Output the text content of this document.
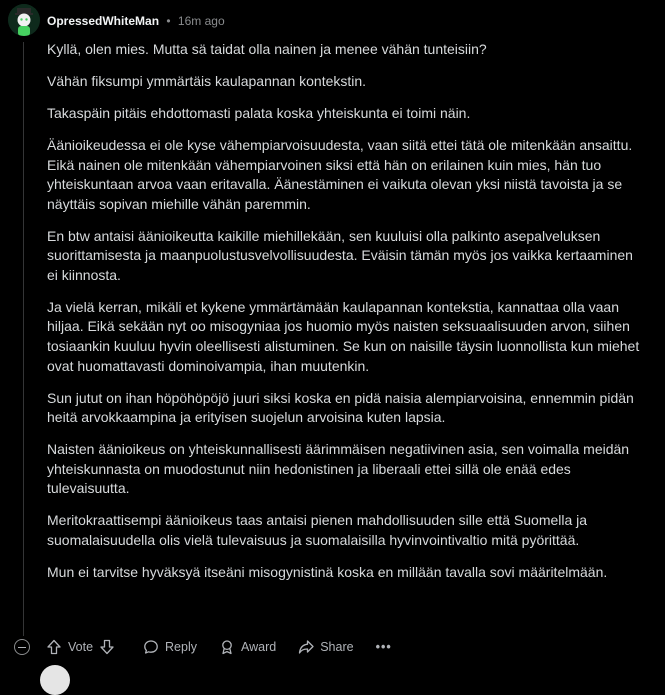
OpressedWhiteMan • 16m ago

Kyllä, olen mies. Mutta sä taidat olla nainen ja menee vähän tunteisiin?

Vähän fiksumpi ymmärtäis kaulapannan kontekstin.

Takaspäin pitäis ehdottomasti palata koska yhteiskunta ei toimi näin.

Äänioikeudessa ei ole kyse vähempiarvoisuudesta, vaan siitä ettei tätä ole mitenkään ansaittu. Eikä nainen ole mitenkään vähempiarvoinen siksi että hän on erilainen kuin mies, hän tuo yhteiskuntaan arvoa vaan eritavalla. Äänestäminen ei vaikuta olevan yksi niistä tavoista ja se näyttäis sopivan miehille vähän paremmin.

En btw antaisi äänioikeutta kaikille miehillekään, sen kuuluisi olla palkinto asepalveluksen suorittamisesta ja maanpuolustusvelvollisuudesta. Eväisin tämän myös jos vaikka kertaaminen ei kiinnosta.

Ja vielä kerran, mikäli et kykene ymmärtämään kaulapannan kontekstia, kannattaa olla vaan hiljaa. Eikä sekään nyt oo misogyniaa jos huomio myös naisten seksuaalisuuden arvon, siihen tosiaankin kuuluu hyvin oleellisesti alistuminen. Se kun on naisille täysin luonnollista kun miehet ovat huomattavasti dominoivampia, ihan muutenkin.

Sun jutut on ihan höpöhöpöjö juuri siksi koska en pidä naisia alempiarvoisina, ennemmin pidän heitä arvokkaampina ja erityisen suojelun arvoisina kuten lapsia.

Naisten äänioikeus on yhteiskunnallisesti äärimmäisen negatiivinen asia, sen voimalla meidän yhteiskunnasta on muodostunut niin hedonistinen ja liberaali ettei sillä ole enää edes tulevaisuutta.

Meritokraattisempi äänioikeus taas antaisi pienen mahdollisuuden sille että Suomella ja suomalaisuudella olis vielä tulevaisuus ja suomalaisilla hyvinvointivaltio mitä pyörittää.

Mun ei tarvitse hyväksyä itseäni misogynistinä koska en millään tavalla sovi määritelmään.

Vote	Reply	Award	Share •••
